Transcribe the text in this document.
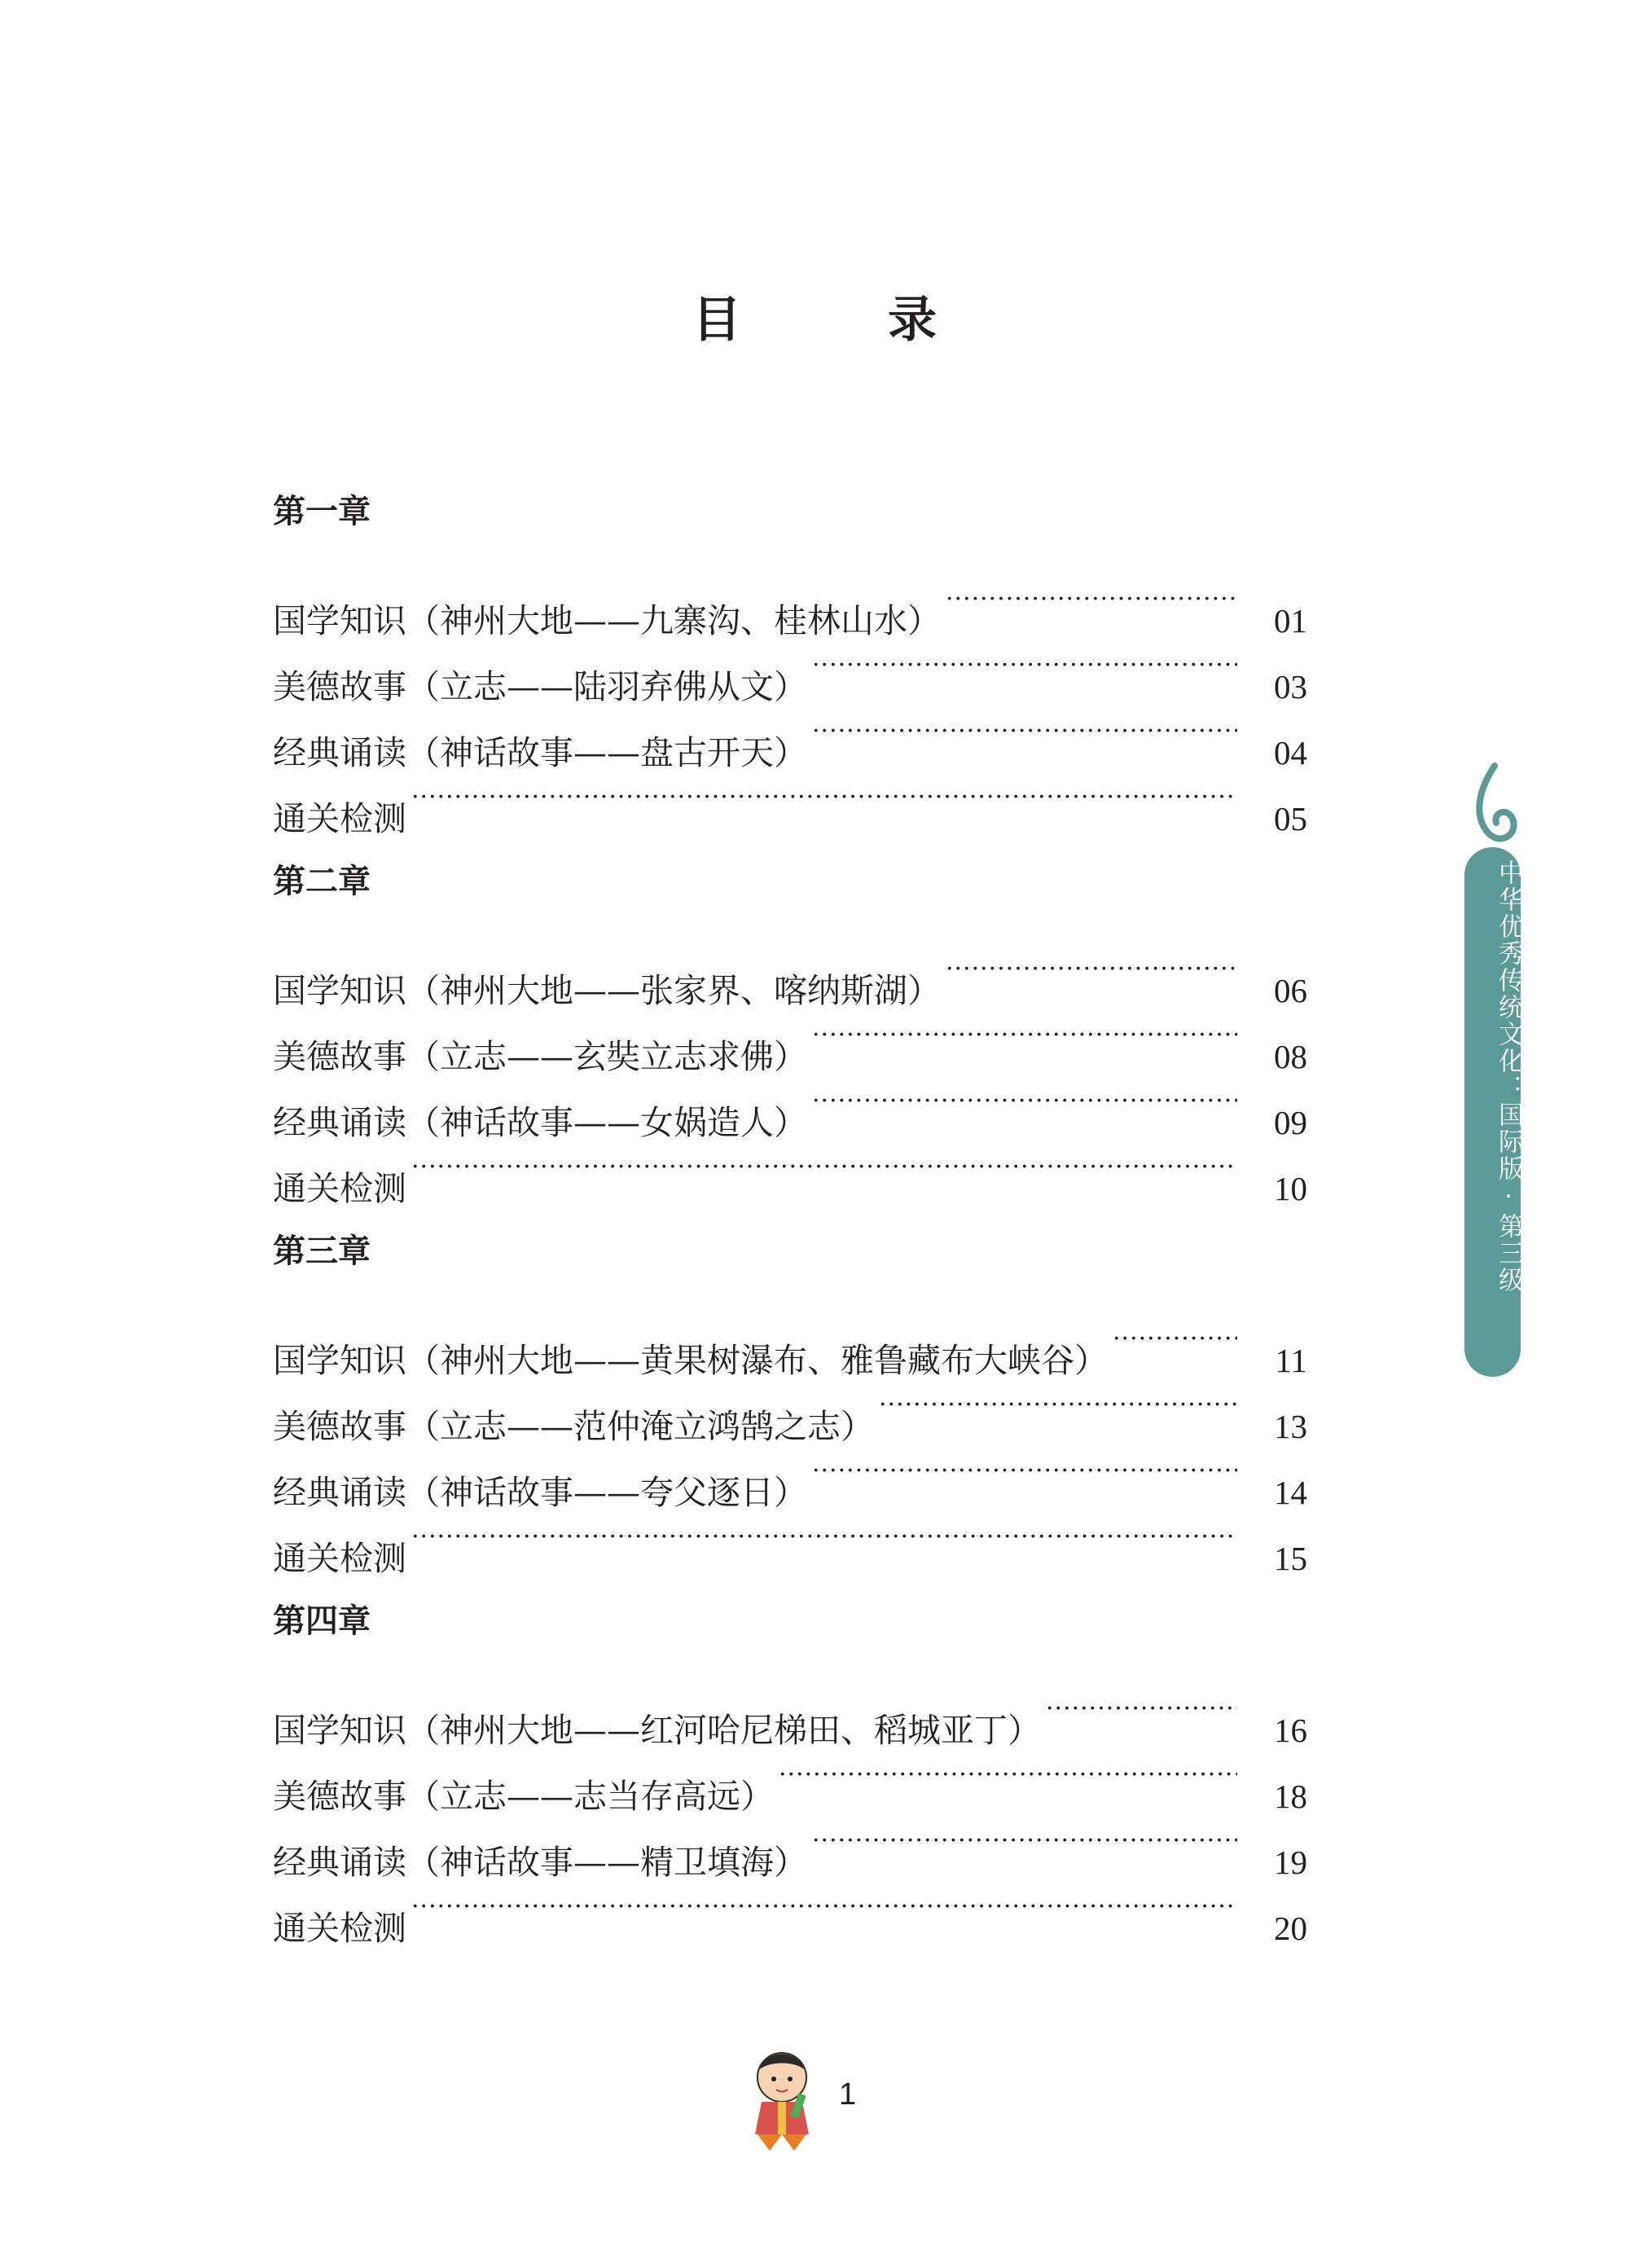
目　录
第一章
国学知识（神州大地——九寨沟、桂林山水） ·····	01
美德故事（立志——陆羽弃佛从文） ·····	03
经典诵读（神话故事——盘古开天） ·····	04
通关检测 ·····	05
第二章
国学知识（神州大地——张家界、喀纳斯湖） ·····	06
美德故事（立志——玄奘立志求佛） ·····	08
经典诵读（神话故事——女娲造人） ·····	09
通关检测 ·····	10
第三章
国学知识（神州大地——黄果树瀑布、雅鲁藏布大峡谷） ·····	11
美德故事（立志——范仲淹立鸿鹄之志） ·····	13
经典诵读（神话故事——夸父逐日） ·····	14
通关检测 ·····	15
第四章
国学知识（神州大地——红河哈尼梯田、稻城亚丁） ·····	16
美德故事（立志——志当存高远） ·····	18
经典诵读（神话故事——精卫填海） ·····	19
通关检测 ·····	20
中华优秀传统文化：国际版·第三级
1
